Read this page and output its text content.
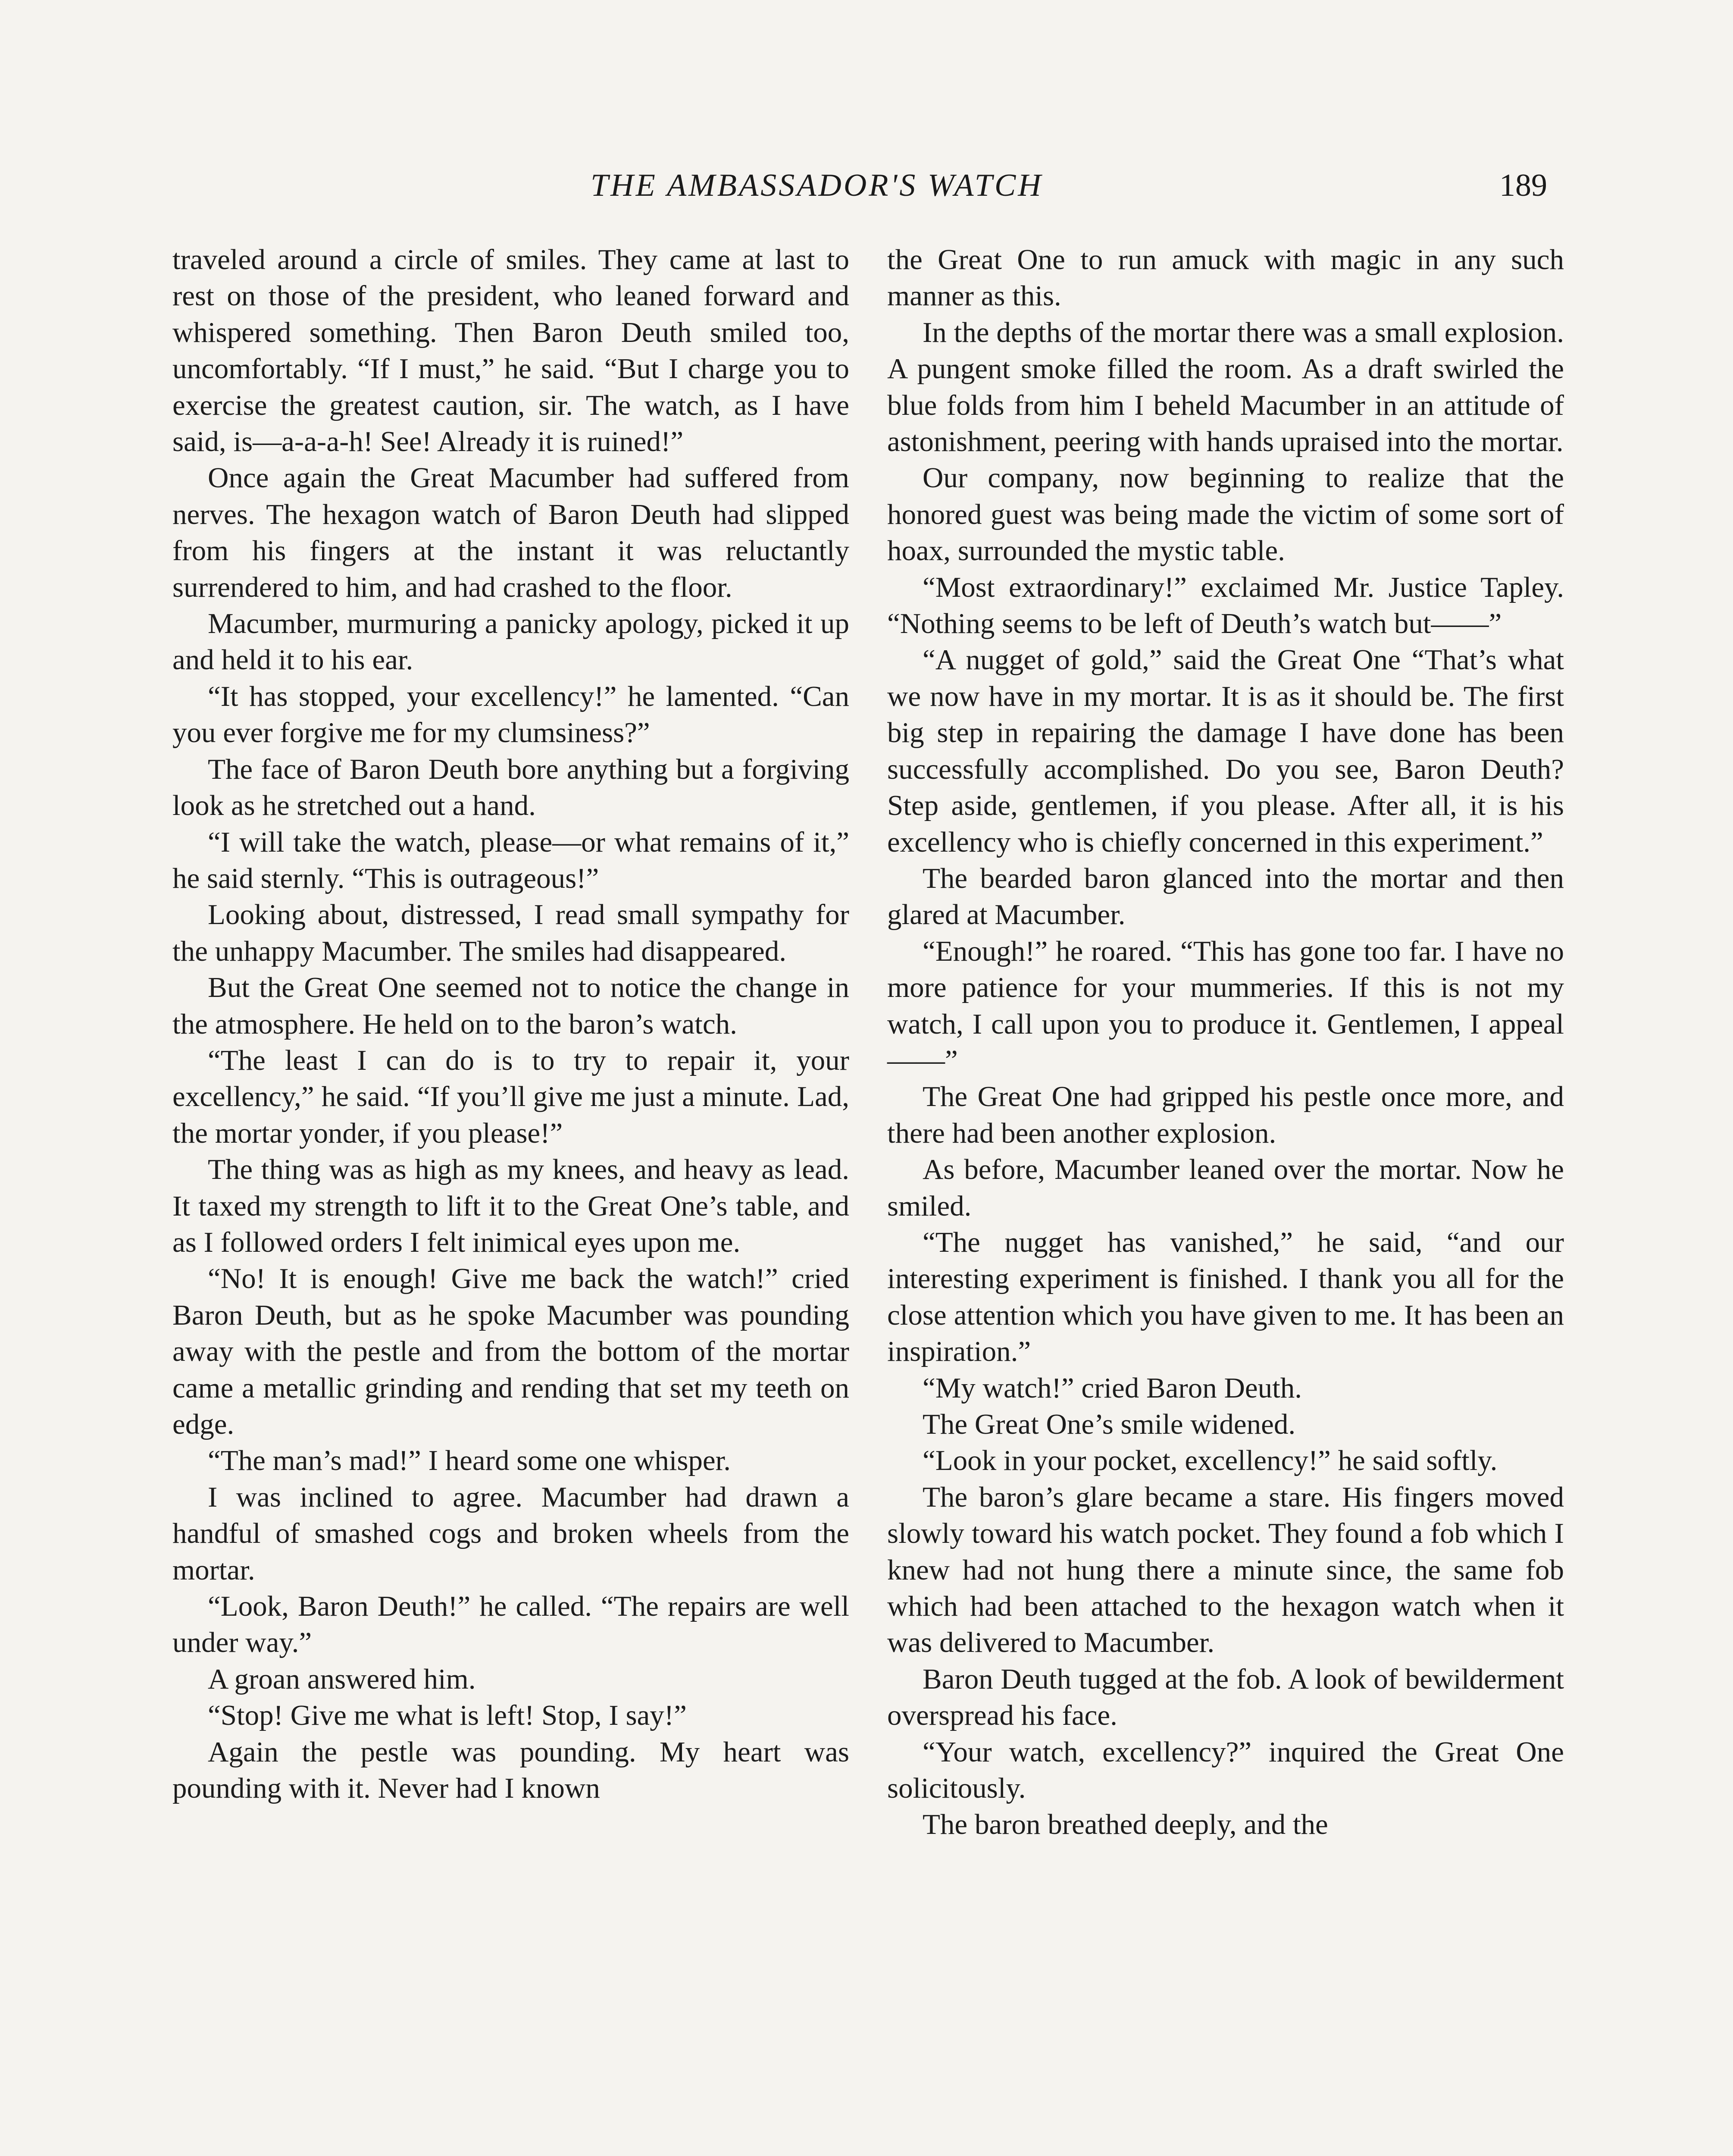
THE AMBASSADOR'S WATCH	189

traveled around a circle of smiles. They came at last to rest on those of the president, who leaned forward and whispered something. Then Baron Deuth smiled too, uncomfortably. “If I must,” he said. “But I charge you to exercise the greatest caution, sir. The watch, as I have said, is—a-a-a-h! See! Already it is ruined!”

Once again the Great Macumber had suffered from nerves. The hexagon watch of Baron Deuth had slipped from his fingers at the instant it was reluctantly surrendered to him, and had crashed to the floor.

Macumber, murmuring a panicky apology, picked it up and held it to his ear.

“It has stopped, your excellency!” he lamented. “Can you ever forgive me for my clumsiness?”

The face of Baron Deuth bore anything but a forgiving look as he stretched out a hand.

“I will take the watch, please—or what remains of it,” he said sternly. “This is outrageous!”

Looking about, distressed, I read small sympathy for the unhappy Macumber. The smiles had disappeared.

But the Great One seemed not to notice the change in the atmosphere. He held on to the baron’s watch.

“The least I can do is to try to repair it, your excellency,” he said. “If you’ll give me just a minute. Lad, the mortar yonder, if you please!”

The thing was as high as my knees, and heavy as lead. It taxed my strength to lift it to the Great One’s table, and as I followed orders I felt inimical eyes upon me.

“No! It is enough! Give me back the watch!” cried Baron Deuth, but as he spoke Macumber was pounding away with the pestle and from the bottom of the mortar came a metallic grinding and rending that set my teeth on edge.

“The man’s mad!” I heard some one whisper.

I was inclined to agree. Macumber had drawn a handful of smashed cogs and broken wheels from the mortar.

“Look, Baron Deuth!” he called. “The repairs are well under way.”

A groan answered him.

“Stop! Give me what is left! Stop, I say!”

Again the pestle was pounding. My heart was pounding with it. Never had I known

the Great One to run amuck with magic in any such manner as this.

In the depths of the mortar there was a small explosion. A pungent smoke filled the room. As a draft swirled the blue folds from him I beheld Macumber in an attitude of astonishment, peering with hands upraised into the mortar.

Our company, now beginning to realize that the honored guest was being made the victim of some sort of hoax, surrounded the mystic table.

“Most extraordinary!” exclaimed Mr. Justice Tapley. “Nothing seems to be left of Deuth’s watch but——”

“A nugget of gold,” said the Great One “That’s what we now have in my mortar. It is as it should be. The first big step in repairing the damage I have done has been successfully accomplished. Do you see, Baron Deuth? Step aside, gentlemen, if you please. After all, it is his excellency who is chiefly concerned in this experiment.”

The bearded baron glanced into the mortar and then glared at Macumber.

“Enough!” he roared. “This has gone too far. I have no more patience for your mummeries. If this is not my watch, I call upon you to produce it. Gentlemen, I appeal——”

The Great One had gripped his pestle once more, and there had been another explosion.

As before, Macumber leaned over the mortar. Now he smiled.

“The nugget has vanished,” he said, “and our interesting experiment is finished. I thank you all for the close attention which you have given to me. It has been an inspiration.”

“My watch!” cried Baron Deuth.

The Great One’s smile widened.

“Look in your pocket, excellency!” he said softly.

The baron’s glare became a stare. His fingers moved slowly toward his watch pocket. They found a fob which I knew had not hung there a minute since, the same fob which had been attached to the hexagon watch when it was delivered to Macumber.

Baron Deuth tugged at the fob. A look of bewilderment overspread his face.

“Your watch, excellency?” inquired the Great One solicitously.

The baron breathed deeply, and the
